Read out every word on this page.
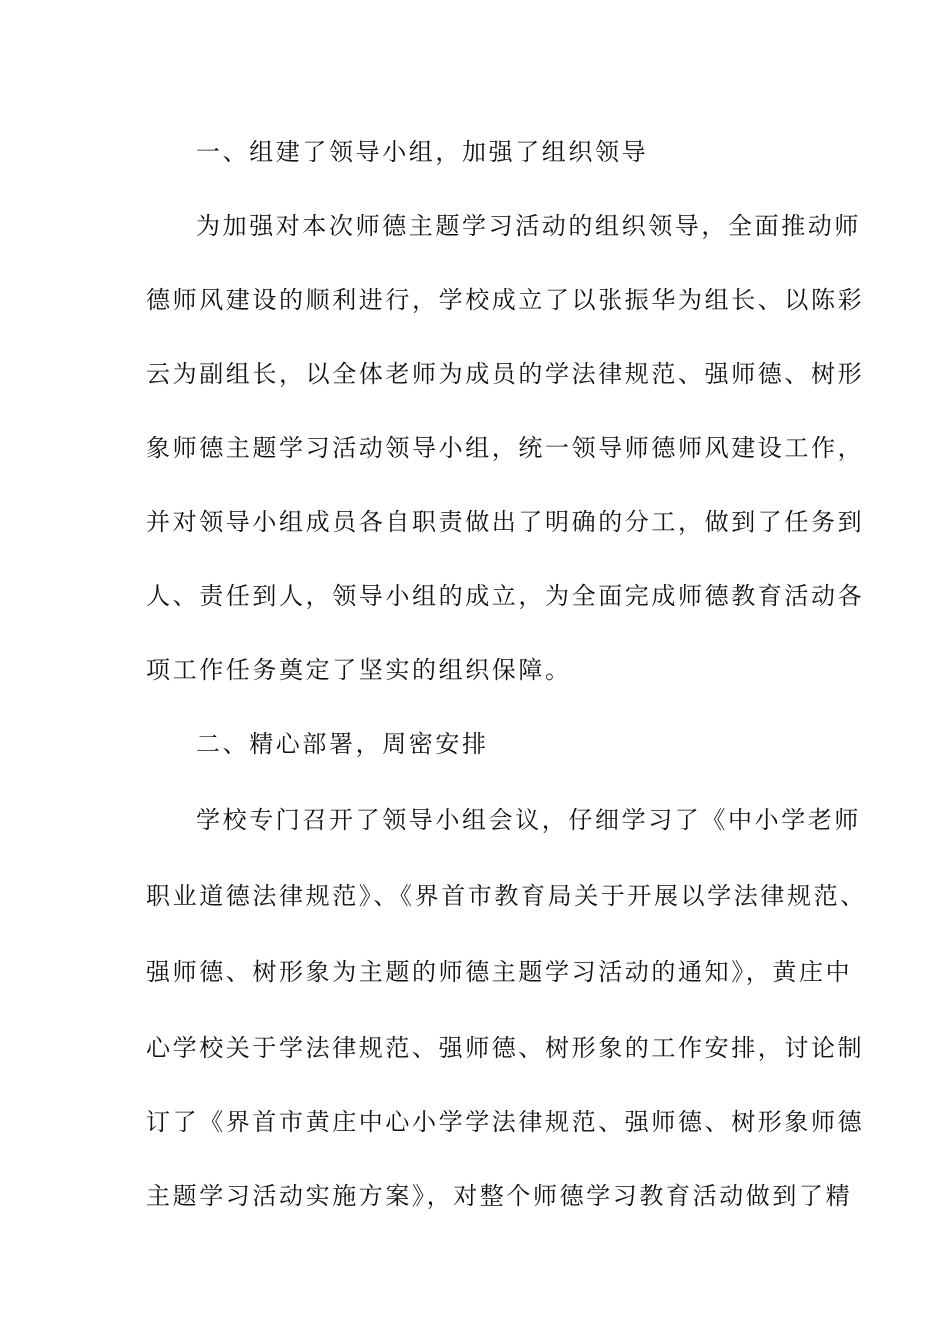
一、组建了领导小组，加强了组织领导
为加强对本次师德主题学习活动的组织领导，全面推动师
德师风建设的顺利进行，学校成立了以张振华为组长、以陈彩
云为副组长，以全体老师为成员的学法律规范、强师德、树形
象师德主题学习活动领导小组，统一领导师德师风建设工作，
并对领导小组成员各自职责做出了明确的分工，做到了任务到
人、责任到人，领导小组的成立，为全面完成师德教育活动各
项工作任务奠定了坚实的组织保障。
二、精心部署，周密安排
学校专门召开了领导小组会议，仔细学习了《中小学老师
职业道德法律规范》、《界首市教育局关于开展以学法律规范、
强师德、树形象为主题的师德主题学习活动的通知》，黄庄中
心学校关于学法律规范、强师德、树形象的工作安排，讨论制
订了《界首市黄庄中心小学学法律规范、强师德、树形象师德
主题学习活动实施方案》，对整个师德学习教育活动做到了精
